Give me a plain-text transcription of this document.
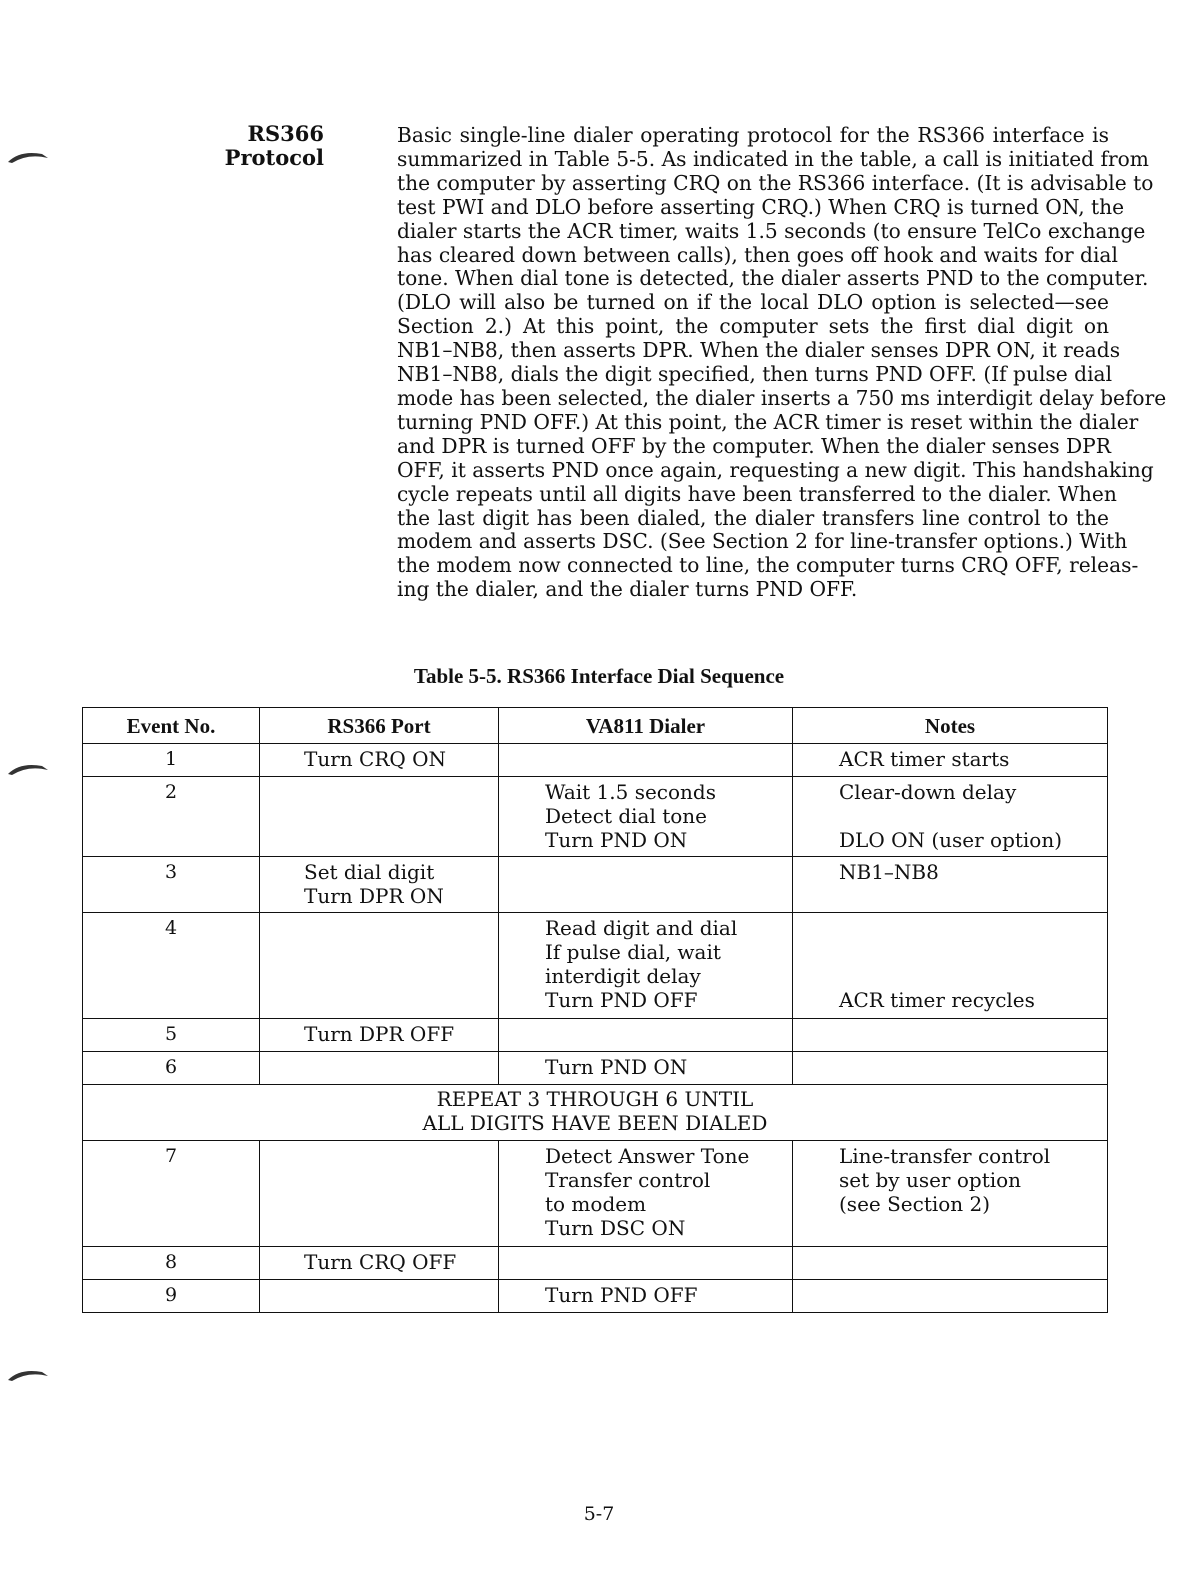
RS366
Protocol
Basic single-line dialer operating protocol for the RS366 interface is
summarized in Table 5-5. As indicated in the table, a call is initiated from
the computer by asserting CRQ on the RS366 interface. (It is advisable to
test PWI and DLO before asserting CRQ.) When CRQ is turned ON, the
dialer starts the ACR timer, waits 1.5 seconds (to ensure TelCo exchange
has cleared down between calls), then goes off hook and waits for dial
tone. When dial tone is detected, the dialer asserts PND to the computer.
(DLO will also be turned on if the local DLO option is selected—see
Section 2.) At this point, the computer sets the first dial digit on
NB1–NB8, then asserts DPR. When the dialer senses DPR ON, it reads
NB1–NB8, dials the digit specified, then turns PND OFF. (If pulse dial
mode has been selected, the dialer inserts a 750 ms interdigit delay before
turning PND OFF.) At this point, the ACR timer is reset within the dialer
and DPR is turned OFF by the computer. When the dialer senses DPR
OFF, it asserts PND once again, requesting a new digit. This handshaking
cycle repeats until all digits have been transferred to the dialer. When
the last digit has been dialed, the dialer transfers line control to the
modem and asserts DSC. (See Section 2 for line-transfer options.) With
the modem now connected to line, the computer turns CRQ OFF, releas-
ing the dialer, and the dialer turns PND OFF.
Table 5-5. RS366 Interface Dial Sequence
Event No.	RS366 Port	VA811 Dialer	Notes
1	Turn CRQ ON		ACR timer starts

2		Wait 1.5 seconds
Detect dial tone
Turn PND ON	Clear-down delay

DLO ON (user option)

3	Set dial digit
Turn DPR ON		NB1–NB8

4		Read digit and dial
If pulse dial, wait
interdigit delay
Turn PND OFF	ACR timer recycles

5	Turn DPR OFF		

6		Turn PND ON	

REPEAT 3 THROUGH 6 UNTIL
ALL DIGITS HAVE BEEN DIALED			

7		Detect Answer Tone
Transfer control
to modem
Turn DSC ON	Line-transfer control
set by user option
(see Section 2)

8	Turn CRQ OFF		

9		Turn PND OFF	

5-7
